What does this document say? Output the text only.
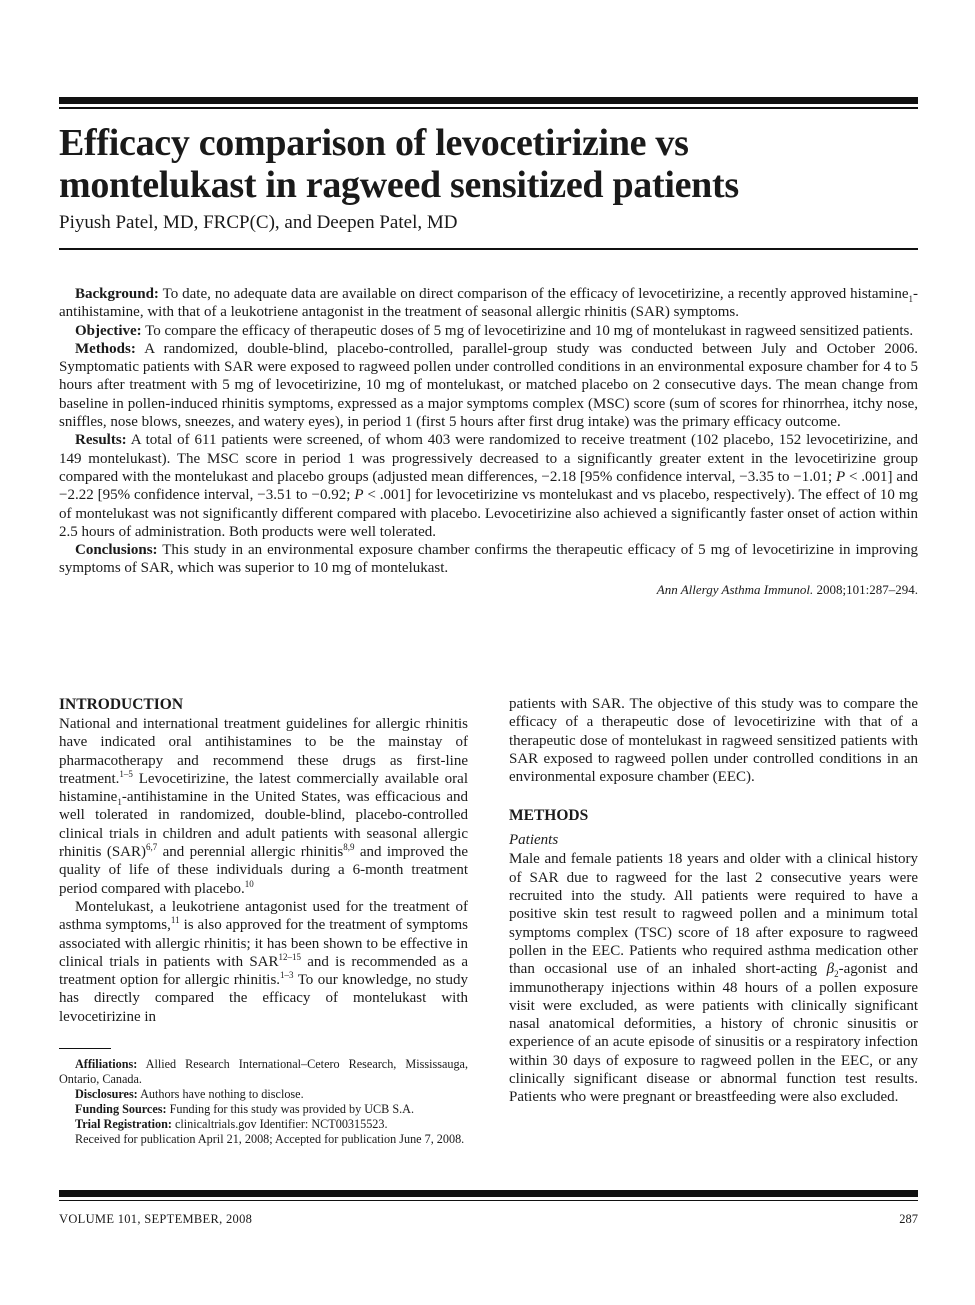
Efficacy comparison of levocetirizine vs
montelukast in ragweed sensitized patients

Piyush Patel, MD, FRCP(C), and Deepen Patel, MD

Background: To date, no adequate data are available on direct comparison of the efficacy of levocetirizine, a recently approved histamine$_1$-antihistamine, with that of a leukotriene antagonist in the treatment of seasonal allergic rhinitis (SAR) symptoms.

Objective: To compare the efficacy of therapeutic doses of 5 mg of levocetirizine and 10 mg of montelukast in ragweed sensitized patients.

Methods: A randomized, double-blind, placebo-controlled, parallel-group study was conducted between July and October 2006. Symptomatic patients with SAR were exposed to ragweed pollen under controlled conditions in an environmental exposure chamber for 4 to 5 hours after treatment with 5 mg of levocetirizine, 10 mg of montelukast, or matched placebo on 2 consecutive days. The mean change from baseline in pollen-induced rhinitis symptoms, expressed as a major symptoms complex (MSC) score (sum of scores for rhinorrhea, itchy nose, sniffles, nose blows, sneezes, and watery eyes), in period 1 (first 5 hours after first drug intake) was the primary efficacy outcome.

Results: A total of 611 patients were screened, of whom 403 were randomized to receive treatment (102 placebo, 152 levocetirizine, and 149 montelukast). The MSC score in period 1 was progressively decreased to a significantly greater extent in the levocetirizine group compared with the montelukast and placebo groups (adjusted mean differences, −2.18 [95% confidence interval, −3.35 to −1.01; P < .001] and −2.22 [95% confidence interval, −3.51 to −0.92; P < .001] for levocetirizine vs montelukast and vs placebo, respectively). The effect of 10 mg of montelukast was not significantly different compared with placebo. Levocetirizine also achieved a significantly faster onset of action within 2.5 hours of administration. Both products were well tolerated.

Conclusions: This study in an environmental exposure chamber confirms the therapeutic efficacy of 5 mg of levocetirizine in improving symptoms of SAR, which was superior to 10 mg of montelukast.

Ann Allergy Asthma Immunol. 2008;101:287–294.

INTRODUCTION

National and international treatment guidelines for allergic rhinitis have indicated oral antihistamines to be the mainstay of pharmacotherapy and recommend these drugs as first-line treatment.$^{1-5}$ Levocetirizine, the latest commercially available oral histamine$_1$-antihistamine in the United States, was efficacious and well tolerated in randomized, double-blind, placebo-controlled clinical trials in children and adult patients with seasonal allergic rhinitis (SAR)$^{6,7}$ and perennial allergic rhinitis$^{8,9}$ and improved the quality of life of these individuals during a 6-month treatment period compared with placebo.$^{10}$

Montelukast, a leukotriene antagonist used for the treatment of asthma symptoms,$^{11}$ is also approved for the treatment of symptoms associated with allergic rhinitis; it has been shown to be effective in clinical trials in patients with SAR$^{12-15}$ and is recommended as a treatment option for allergic rhinitis.$^{1-3}$ To our knowledge, no study has directly compared the efficacy of montelukast with levocetirizine in

Affiliations: Allied Research International–Cetero Research, Mississauga, Ontario, Canada.

Disclosures: Authors have nothing to disclose.

Funding Sources: Funding for this study was provided by UCB S.A.

Trial Registration: clinicaltrials.gov Identifier: NCT00315523.

Received for publication April 21, 2008; Accepted for publication June 7, 2008.

patients with SAR. The objective of this study was to compare the efficacy of a therapeutic dose of levocetirizine with that of a therapeutic dose of montelukast in ragweed sensitized patients with SAR exposed to ragweed pollen under controlled conditions in an environmental exposure chamber (EEC).

METHODS

Patients

Male and female patients 18 years and older with a clinical history of SAR due to ragweed for the last 2 consecutive years were recruited into the study. All patients were required to have a positive skin test result to ragweed pollen and a minimum total symptoms complex (TSC) score of 18 after exposure to ragweed pollen in the EEC. Patients who required asthma medication other than occasional use of an inhaled short-acting $\beta_2$-agonist and immunotherapy injections within 48 hours of a pollen exposure visit were excluded, as were patients with clinically significant nasal anatomical deformities, a history of chronic sinusitis or experience of an acute episode of sinusitis or a respiratory infection within 30 days of exposure to ragweed pollen in the EEC, or any clinically significant disease or abnormal function test results. Patients who were pregnant or breastfeeding were also excluded.

VOLUME 101, SEPTEMBER, 2008	287
